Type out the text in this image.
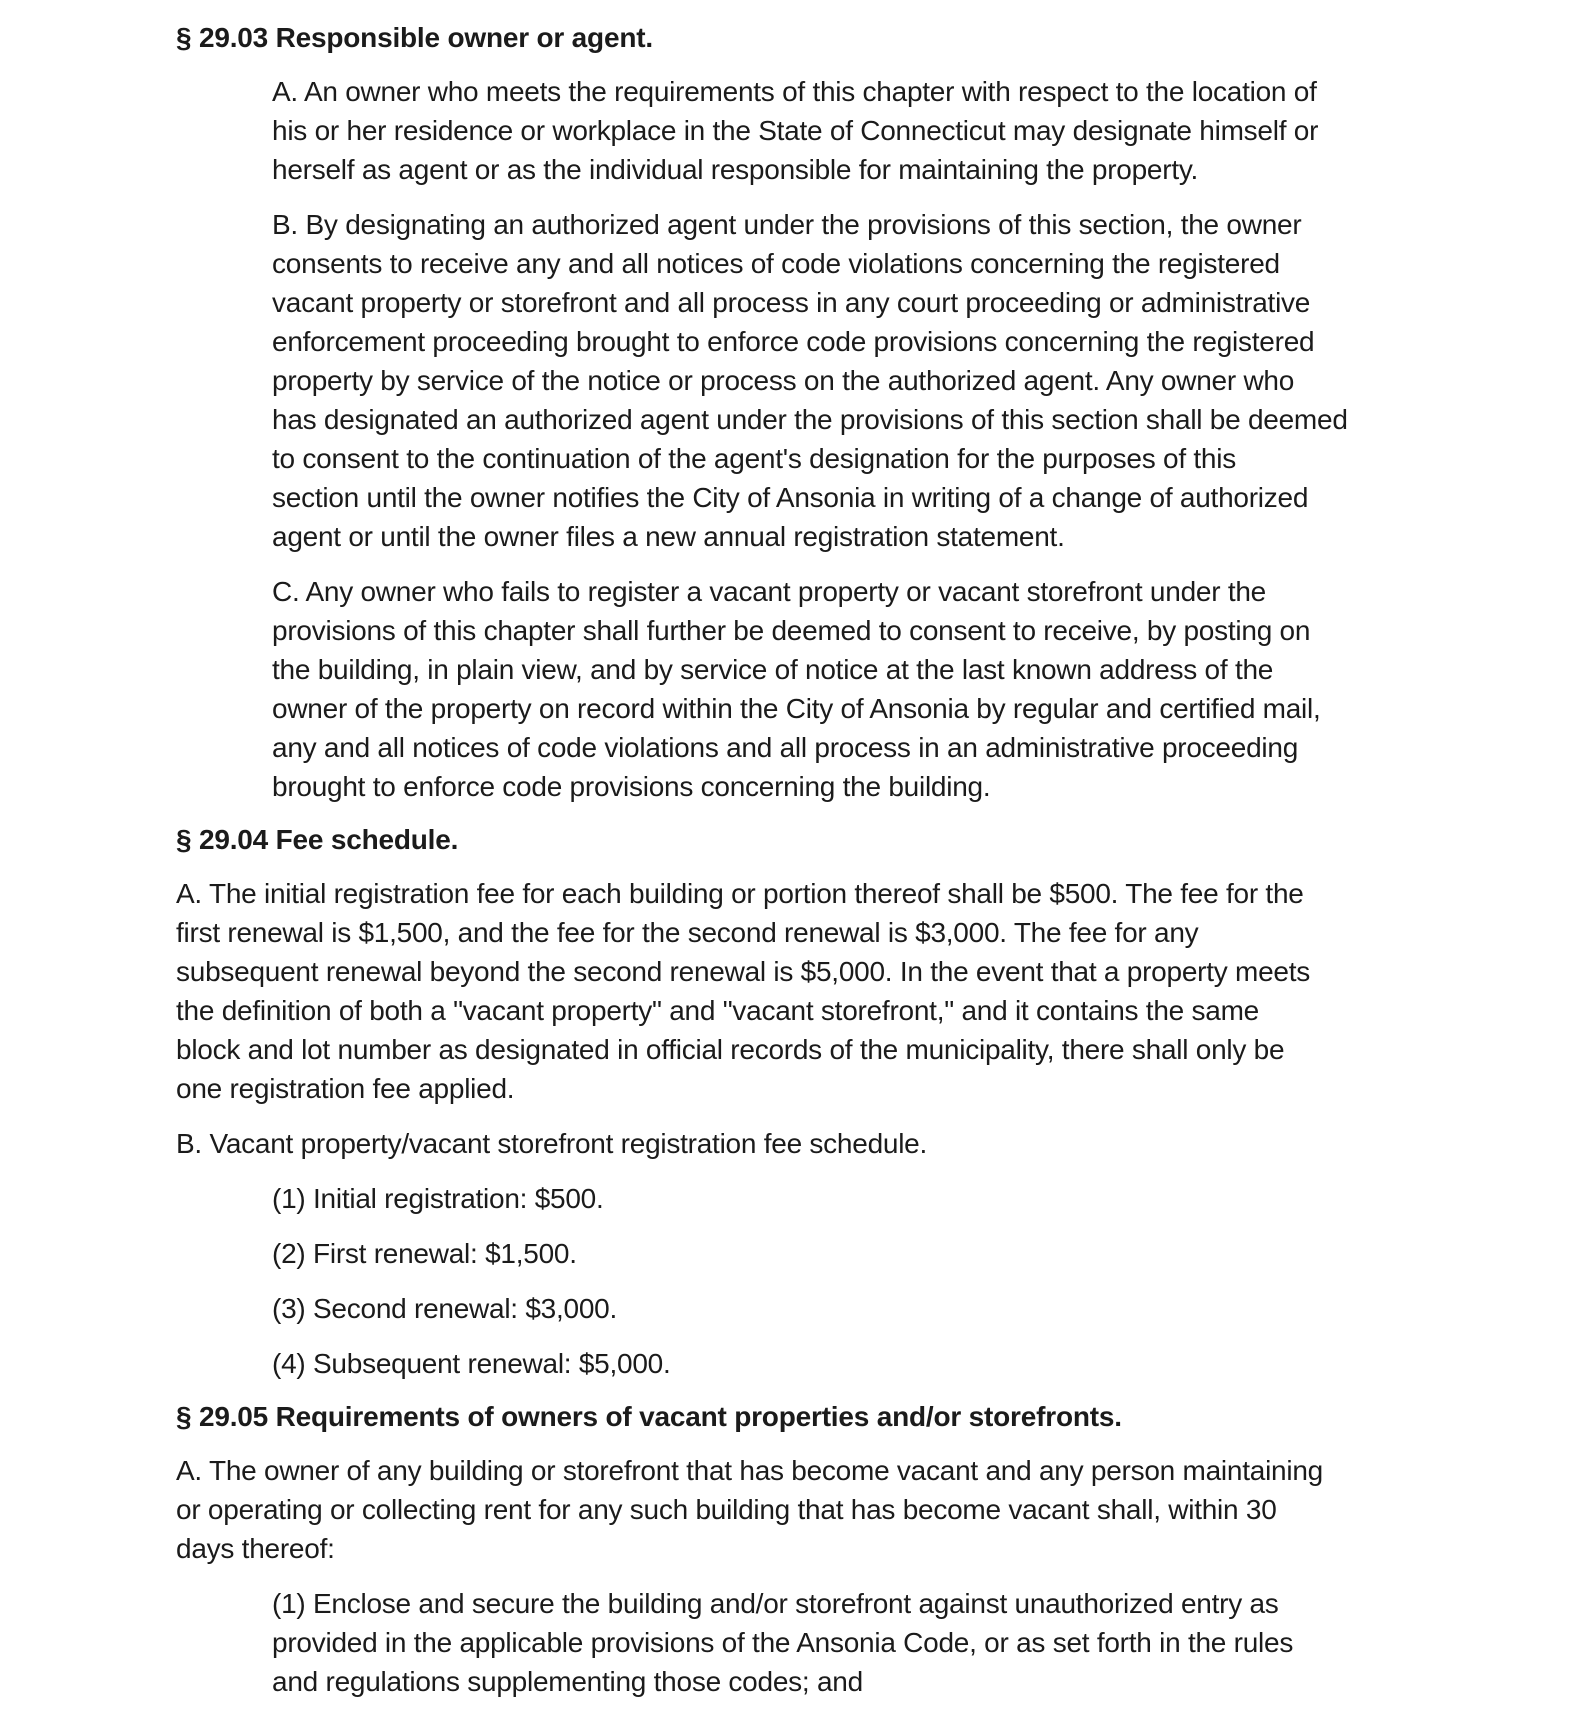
§ 29.03 Responsible owner or agent.
A. An owner who meets the requirements of this chapter with respect to the location of
his or her residence or workplace in the State of Connecticut may designate himself or
herself as agent or as the individual responsible for maintaining the property.
B. By designating an authorized agent under the provisions of this section, the owner
consents to receive any and all notices of code violations concerning the registered
vacant property or storefront and all process in any court proceeding or administrative
enforcement proceeding brought to enforce code provisions concerning the registered
property by service of the notice or process on the authorized agent. Any owner who
has designated an authorized agent under the provisions of this section shall be deemed
to consent to the continuation of the agent's designation for the purposes of this
section until the owner notifies the City of Ansonia in writing of a change of authorized
agent or until the owner files a new annual registration statement.
C. Any owner who fails to register a vacant property or vacant storefront under the
provisions of this chapter shall further be deemed to consent to receive, by posting on
the building, in plain view, and by service of notice at the last known address of the
owner of the property on record within the City of Ansonia by regular and certified mail,
any and all notices of code violations and all process in an administrative proceeding
brought to enforce code provisions concerning the building.
§ 29.04 Fee schedule.
A. The initial registration fee for each building or portion thereof shall be $500. The fee for the
first renewal is $1,500, and the fee for the second renewal is $3,000. The fee for any
subsequent renewal beyond the second renewal is $5,000. In the event that a property meets
the definition of both a "vacant property" and "vacant storefront," and it contains the same
block and lot number as designated in official records of the municipality, there shall only be
one registration fee applied.
B. Vacant property/vacant storefront registration fee schedule.
(1) Initial registration: $500.
(2) First renewal: $1,500.
(3) Second renewal: $3,000.
(4) Subsequent renewal: $5,000.
§ 29.05 Requirements of owners of vacant properties and/or storefronts.
A. The owner of any building or storefront that has become vacant and any person maintaining
or operating or collecting rent for any such building that has become vacant shall, within 30
days thereof:
(1) Enclose and secure the building and/or storefront against unauthorized entry as
provided in the applicable provisions of the Ansonia Code, or as set forth in the rules
and regulations supplementing those codes; and
